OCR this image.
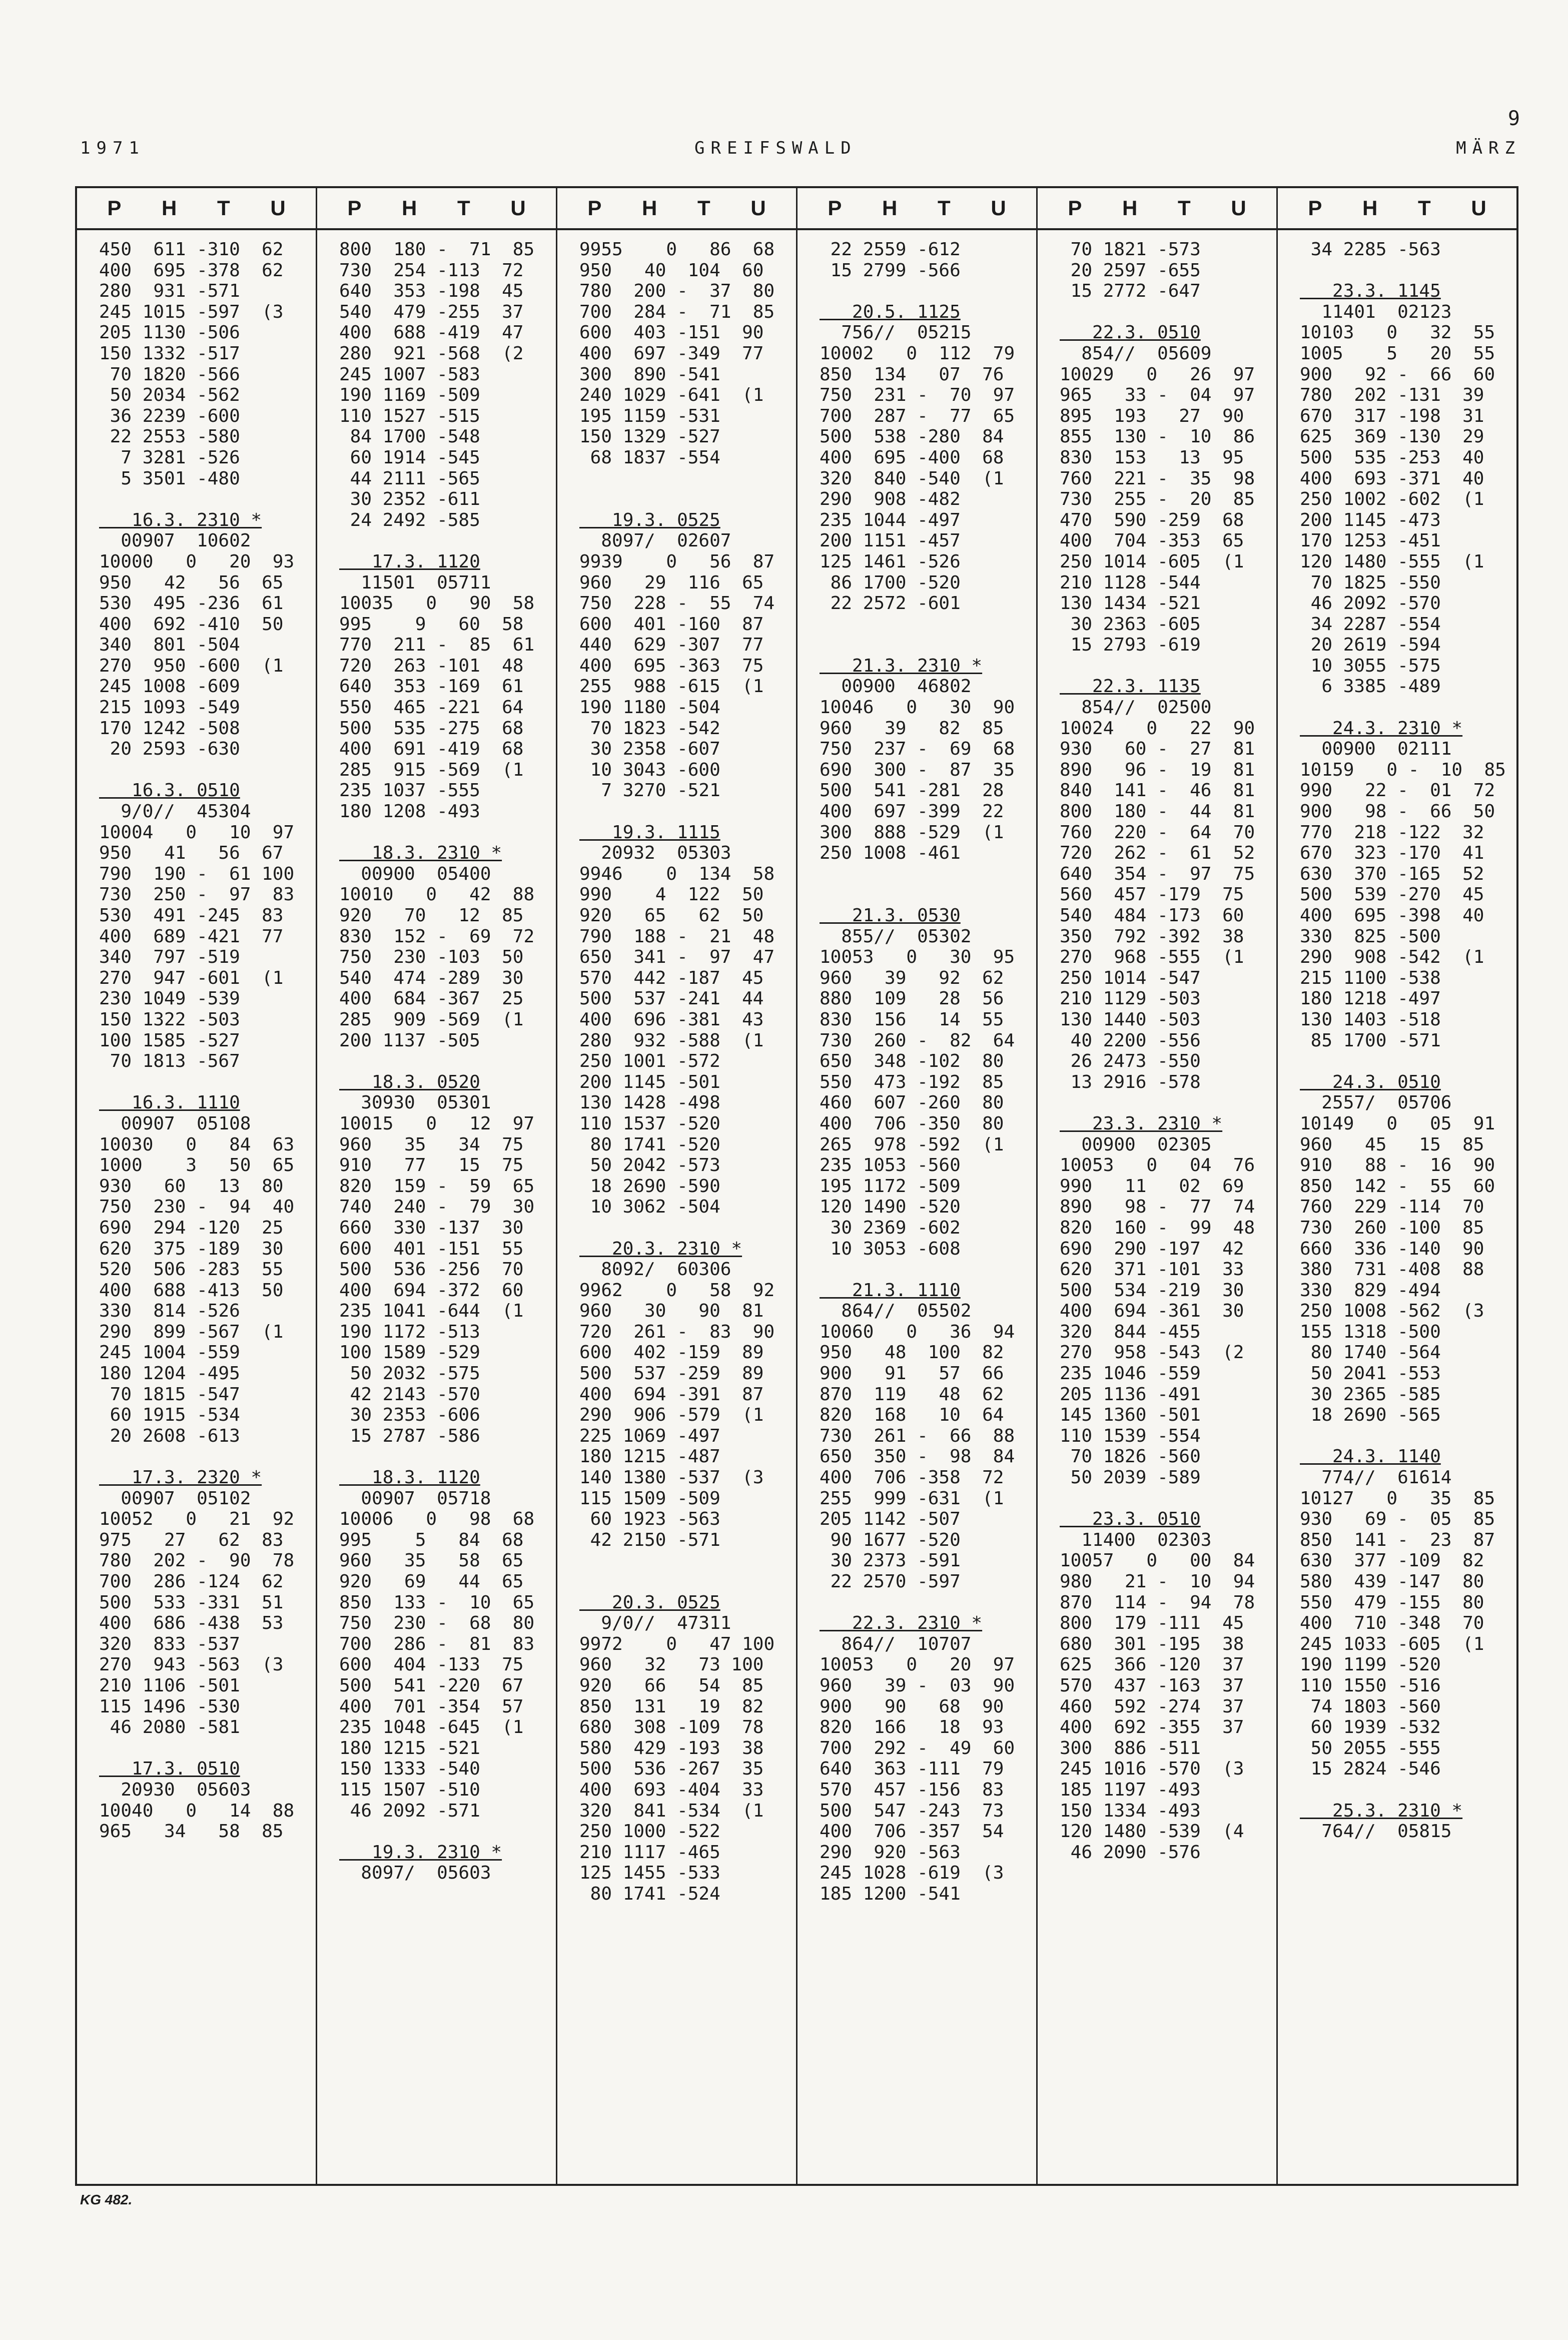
9
1971	GREIFSWALD	MÄRZ
P H T U
450  611 -310  62
400  695 -378  62
280  931 -571
245 1015 -597  (3
205 1130 -506
150 1332 -517
70 1820 -566
50 2034 -562
36 2239 -600
22 2553 -580
7 3281 -526
5 3501 -480
16.3. 2310 *
00907  10602
10000   0   20  93
950   42   56  65
530  495 -236  61
400  692 -410  50
340  801 -504
270  950 -600  (1
245 1008 -609
215 1093 -549
170 1242 -508
20 2593 -630
16.3. 0510
9/0//  45304
10004   0   10  97
950   41   56  67
790  190 -  61 100
730  250 -  97  83
530  491 -245  83
400  689 -421  77
340  797 -519
270  947 -601  (1
230 1049 -539
150 1322 -503
100 1585 -527
70 1813 -567
16.3. 1110
00907  05108
10030   0   84  63
1000    3   50  65
930   60   13  80
750  230 -  94  40
690  294 -120  25
620  375 -189  30
520  506 -283  55
400  688 -413  50
330  814 -526
290  899 -567  (1
245 1004 -559
180 1204 -495
70 1815 -547
60 1915 -534
20 2608 -613
17.3. 2320 *
00907  05102
10052   0   21  92
975   27   62  83
780  202 -  90  78
700  286 -124  62
500  533 -331  51
400  686 -438  53
320  833 -537
270  943 -563  (3
210 1106 -501
115 1496 -530
46 2080 -581
17.3. 0510
20930  05603
10040   0   14  88
965   34   58  85
P H T U
800  180 -  71  85
730  254 -113  72
640  353 -198  45
540  479 -255  37
400  688 -419  47
280  921 -568  (2
245 1007 -583
190 1169 -509
110 1527 -515
84 1700 -548
60 1914 -545
44 2111 -565
30 2352 -611
24 2492 -585
17.3. 1120
11501  05711
10035   0   90  58
995    9   60  58
770  211 -  85  61
720  263 -101  48
640  353 -169  61
550  465 -221  64
500  535 -275  68
400  691 -419  68
285  915 -569  (1
235 1037 -555
180 1208 -493
18.3. 2310 *
00900  05400
10010   0   42  88
920   70   12  85
830  152 -  69  72
750  230 -103  50
540  474 -289  30
400  684 -367  25
285  909 -569  (1
200 1137 -505
18.3. 0520
30930  05301
10015   0   12  97
960   35   34  75
910   77   15  75
820  159 -  59  65
740  240 -  79  30
660  330 -137  30
600  401 -151  55
500  536 -256  70
400  694 -372  60
235 1041 -644  (1
190 1172 -513
100 1589 -529
50 2032 -575
42 2143 -570
30 2353 -606
15 2787 -586
18.3. 1120
00907  05718
10006   0   98  68
995    5   84  68
960   35   58  65
920   69   44  65
850  133 -  10  65
750  230 -  68  80
700  286 -  81  83
600  404 -133  75
500  541 -220  67
400  701 -354  57
235 1048 -645  (1
180 1215 -521
150 1333 -540
115 1507 -510
46 2092 -571
19.3. 2310 *
8097/  05603
P H T U
9955    0   86  68
950   40  104  60
780  200 -  37  80
700  284 -  71  85
600  403 -151  90
400  697 -349  77
300  890 -541
240 1029 -641  (1
195 1159 -531
150 1329 -527
68 1837 -554
19.3. 0525
8097/  02607
9939    0   56  87
960   29  116  65
750  228 -  55  74
600  401 -160  87
440  629 -307  77
400  695 -363  75
255  988 -615  (1
190 1180 -504
70 1823 -542
30 2358 -607
10 3043 -600
7 3270 -521
19.3. 1115
20932  05303
9946    0  134  58
990    4  122  50
920   65   62  50
790  188 -  21  48
650  341 -  97  47
570  442 -187  45
500  537 -241  44
400  696 -381  43
280  932 -588  (1
250 1001 -572
200 1145 -501
130 1428 -498
110 1537 -520
80 1741 -520
50 2042 -573
18 2690 -590
10 3062 -504
20.3. 2310 *
8092/  60306
9962    0   58  92
960   30   90  81
720  261 -  83  90
600  402 -159  89
500  537 -259  89
400  694 -391  87
290  906 -579  (1
225 1069 -497
180 1215 -487
140 1380 -537  (3
115 1509 -509
60 1923 -563
42 2150 -571
20.3. 0525
9/0//  47311
9972    0   47 100
960   32   73 100
920   66   54  85
850  131   19  82
680  308 -109  78
580  429 -193  38
500  536 -267  35
400  693 -404  33
320  841 -534  (1
250 1000 -522
210 1117 -465
125 1455 -533
80 1741 -524
P H T U
22 2559 -612
15 2799 -566
20.5. 1125
756//  05215
10002   0  112  79
850  134   07  76
750  231 -  70  97
700  287 -  77  65
500  538 -280  84
400  695 -400  68
320  840 -540  (1
290  908 -482
235 1044 -497
200 1151 -457
125 1461 -526
86 1700 -520
22 2572 -601
21.3. 2310 *
00900  46802
10046   0   30  90
960   39   82  85
750  237 -  69  68
690  300 -  87  35
500  541 -281  28
400  697 -399  22
300  888 -529  (1
250 1008 -461
21.3. 0530
855//  05302
10053   0   30  95
960   39   92  62
880  109   28  56
830  156   14  55
730  260 -  82  64
650  348 -102  80
550  473 -192  85
460  607 -260  80
400  706 -350  80
265  978 -592  (1
235 1053 -560
195 1172 -509
120 1490 -520
30 2369 -602
10 3053 -608
21.3. 1110
864//  05502
10060   0   36  94
950   48  100  82
900   91   57  66
870  119   48  62
820  168   10  64
730  261 -  66  88
650  350 -  98  84
400  706 -358  72
255  999 -631  (1
205 1142 -507
90 1677 -520
30 2373 -591
22 2570 -597
22.3. 2310 *
864//  10707
10053   0   20  97
960   39 -  03  90
900   90   68  90
820  166   18  93
700  292 -  49  60
640  363 -111  79
570  457 -156  83
500  547 -243  73
400  706 -357  54
290  920 -563
245 1028 -619  (3
185 1200 -541
P H T U
70 1821 -573
20 2597 -655
15 2772 -647
22.3. 0510
854//  05609
10029   0   26  97
965   33 -  04  97
895  193   27  90
855  130 -  10  86
830  153   13  95
760  221 -  35  98
730  255 -  20  85
470  590 -259  68
400  704 -353  65
250 1014 -605  (1
210 1128 -544
130 1434 -521
30 2363 -605
15 2793 -619
22.3. 1135
854//  02500
10024   0   22  90
930   60 -  27  81
890   96 -  19  81
840  141 -  46  81
800  180 -  44  81
760  220 -  64  70
720  262 -  61  52
640  354 -  97  75
560  457 -179  75
540  484 -173  60
350  792 -392  38
270  968 -555  (1
250 1014 -547
210 1129 -503
130 1440 -503
40 2200 -556
26 2473 -550
13 2916 -578
23.3. 2310 *
00900  02305
10053   0   04  76
990   11   02  69
890   98 -  77  74
820  160 -  99  48
690  290 -197  42
620  371 -101  33
500  534 -219  30
400  694 -361  30
320  844 -455
270  958 -543  (2
235 1046 -559
205 1136 -491
145 1360 -501
110 1539 -554
70 1826 -560
50 2039 -589
23.3. 0510
11400  02303
10057   0   00  84
980   21 -  10  94
870  114 -  94  78
800  179 -111  45
680  301 -195  38
625  366 -120  37
570  437 -163  37
460  592 -274  37
400  692 -355  37
300  886 -511
245 1016 -570  (3
185 1197 -493
150 1334 -493
120 1480 -539  (4
46 2090 -576
P H T U
34 2285 -563
23.3. 1145
11401  02123
10103   0   32  55
1005    5   20  55
900   92 -  66  60
780  202 -131  39
670  317 -198  31
625  369 -130  29
500  535 -253  40
400  693 -371  40
250 1002 -602  (1
200 1145 -473
170 1253 -451
120 1480 -555  (1
70 1825 -550
46 2092 -570
34 2287 -554
20 2619 -594
10 3055 -575
6 3385 -489
24.3. 2310 *
00900  02111
10159   0 -  10  85
990   22 -  01  72
900   98 -  66  50
770  218 -122  32
670  323 -170  41
630  370 -165  52
500  539 -270  45
400  695 -398  40
330  825 -500
290  908 -542  (1
215 1100 -538
180 1218 -497
130 1403 -518
85 1700 -571
24.3. 0510
2557/  05706
10149   0   05  91
960   45   15  85
910   88 -  16  90
850  142 -  55  60
760  229 -114  70
730  260 -100  85
660  336 -140  90
380  731 -408  88
330  829 -494
250 1008 -562  (3
155 1318 -500
80 1740 -564
50 2041 -553
30 2365 -585
18 2690 -565
24.3. 1140
774//  61614
10127   0   35  85
930   69 -  05  85
850  141 -  23  87
630  377 -109  82
580  439 -147  80
550  479 -155  80
400  710 -348  70
245 1033 -605  (1
190 1199 -520
110 1550 -516
74 1803 -560
60 1939 -532
50 2055 -555
15 2824 -546
25.3. 2310 *
764//  05815
KG 482.
